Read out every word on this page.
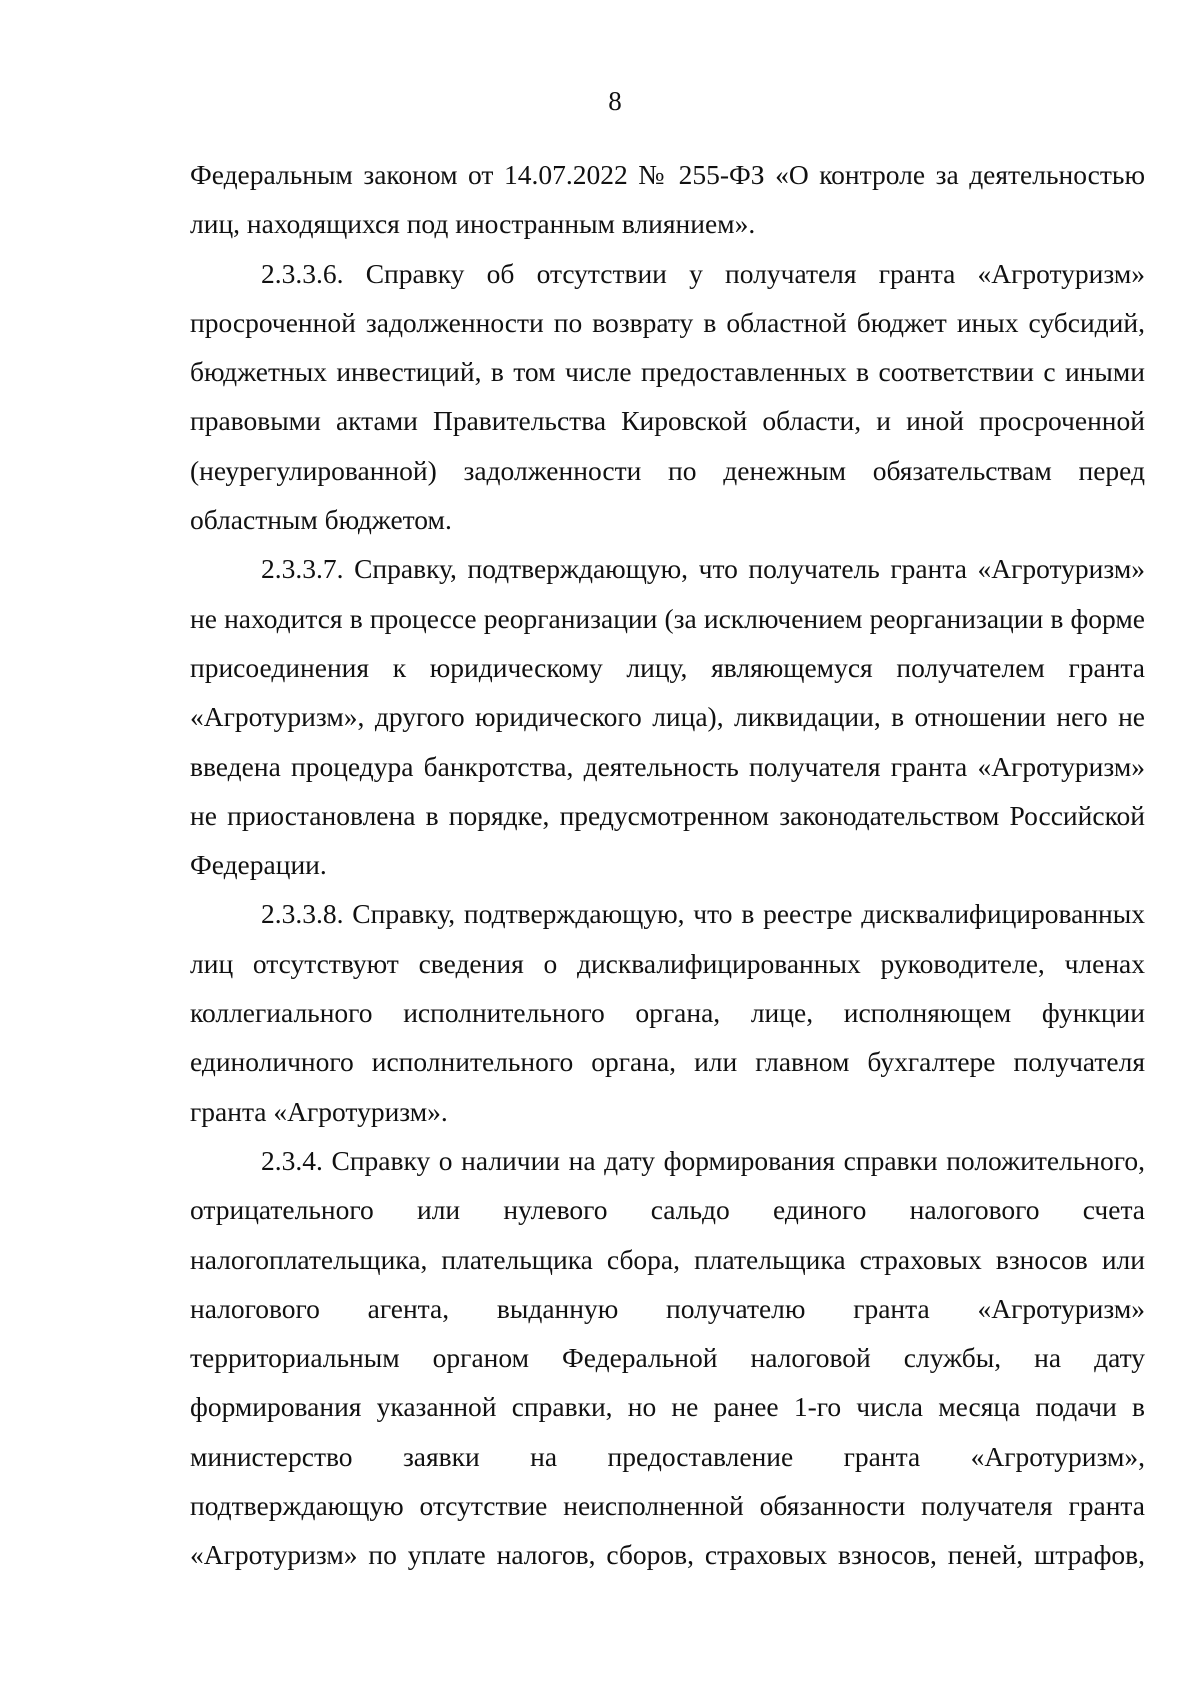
8

Федеральным законом от 14.07.2022 № 255-ФЗ «О контроле за деятельностью лиц, находящихся под иностранным влиянием».

2.3.3.6. Справку об отсутствии у получателя гранта «Агротуризм» просроченной задолженности по возврату в областной бюджет иных субсидий, бюджетных инвестиций, в том числе предоставленных в соответствии с иными правовыми актами Правительства Кировской области, и иной просроченной (неурегулированной) задолженности по денежным обязательствам перед областным бюджетом.

2.3.3.7. Справку, подтверждающую, что получатель гранта «Агротуризм» не находится в процессе реорганизации (за исключением реорганизации в форме присоединения к юридическому лицу, являющемуся получателем гранта «Агротуризм», другого юридического лица), ликвидации, в отношении него не введена процедура банкротства, деятельность получателя гранта «Агротуризм» не приостановлена в порядке, предусмотренном законодательством Российской Федерации.

2.3.3.8. Справку, подтверждающую, что в реестре дисквалифицированных лиц отсутствуют сведения о дисквалифицированных руководителе, членах коллегиального исполнительного органа, лице, исполняющем функции единоличного исполнительного органа, или главном бухгалтере получателя гранта «Агротуризм».

2.3.4. Справку о наличии на дату формирования справки положительного, отрицательного или нулевого сальдо единого налогового счета налогоплательщика, плательщика сбора, плательщика страховых взносов или налогового агента, выданную получателю гранта «Агротуризм» территориальным органом Федеральной налоговой службы, на дату формирования указанной справки, но не ранее 1-го числа месяца подачи в министерство заявки на предоставление гранта «Агротуризм», подтверждающую отсутствие неисполненной обязанности получателя гранта «Агротуризм» по уплате налогов, сборов, страховых взносов, пеней, штрафов,
